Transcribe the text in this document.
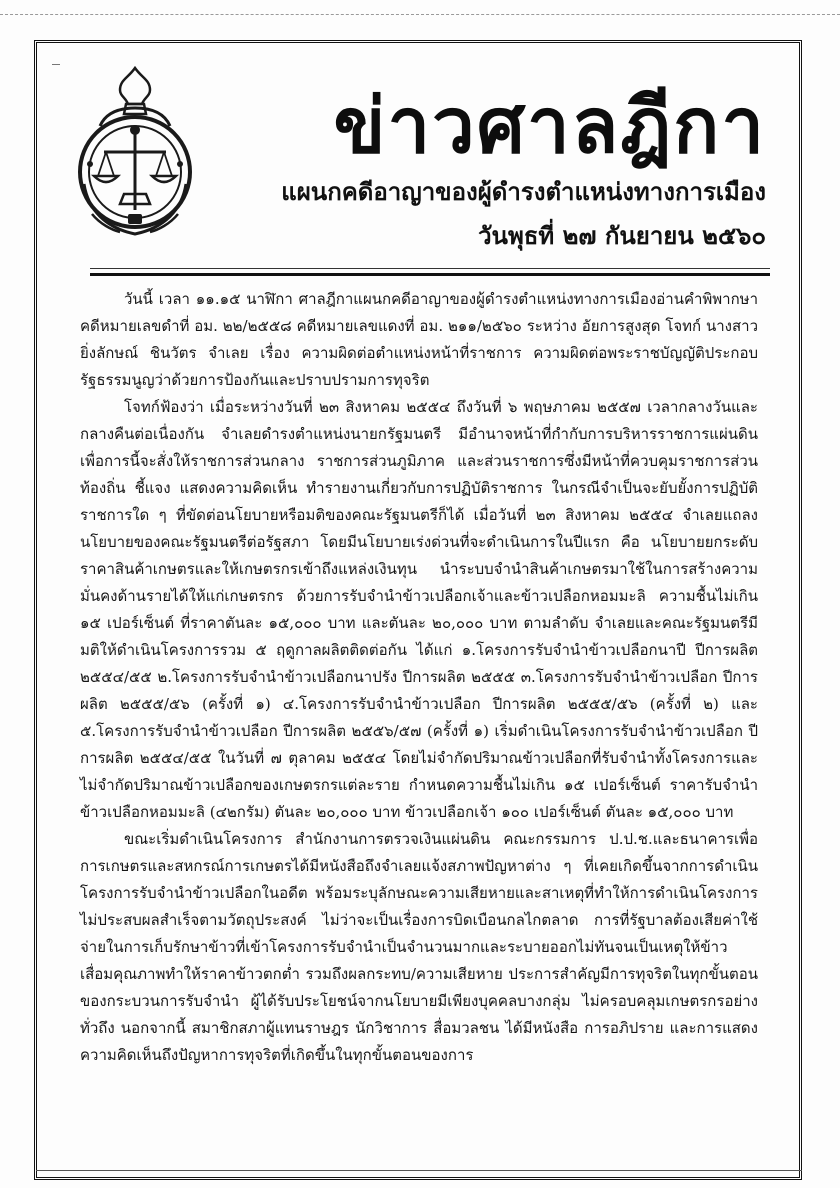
ข่าวศาลฎีกา

แผนกคดีอาญาของผู้ดำรงตำแหน่งทางการเมือง

วันพุธที่ ๒๗ กันยายน ๒๕๖๐

วันนี้ เวลา ๑๑.๑๕ นาฬิกา ศาลฎีกาแผนกคดีอาญาของผู้ดำรงตำแหน่งทางการเมืองอ่านคำพิพากษา คดีหมายเลขดำที่ อม. ๒๒/๒๕๕๘ คดีหมายเลขแดงที่ อม. ๒๑๑/๒๕๖๐ ระหว่าง อัยการสูงสุด โจทก์ นางสาวยิ่งลักษณ์ ชินวัตร จำเลย เรื่อง ความผิดต่อตำแหน่งหน้าที่ราชการ ความผิดต่อพระราชบัญญัติประกอบรัฐธรรมนูญว่าด้วยการป้องกันและปราบปรามการทุจริต

โจทก์ฟ้องว่า เมื่อระหว่างวันที่ ๒๓ สิงหาคม ๒๕๕๔ ถึงวันที่ ๖ พฤษภาคม ๒๕๕๗ เวลากลางวันและกลางคืนต่อเนื่องกัน จำเลยดำรงตำแหน่งนายกรัฐมนตรี มีอำนาจหน้าที่กำกับการบริหารราชการแผ่นดิน เพื่อการนี้จะสั่งให้ราชการส่วนกลาง ราชการส่วนภูมิภาค และส่วนราชการซึ่งมีหน้าที่ควบคุมราชการส่วนท้องถิ่น ชี้แจง แสดงความคิดเห็น ทำรายงานเกี่ยวกับการปฏิบัติราชการ ในกรณีจำเป็นจะยับยั้งการปฏิบัติราชการใด ๆ ที่ขัดต่อนโยบายหรือมติของคณะรัฐมนตรีก็ได้ เมื่อวันที่ ๒๓ สิงหาคม ๒๕๕๔ จำเลยแถลงนโยบายของคณะรัฐมนตรีต่อรัฐสภา โดยมีนโยบายเร่งด่วนที่จะดำเนินการในปีแรก คือ นโยบายยกระดับราคาสินค้าเกษตรและให้เกษตรกรเข้าถึงแหล่งเงินทุน นำระบบจำนำสินค้าเกษตรมาใช้ในการสร้างความมั่นคงด้านรายได้ให้แก่เกษตรกร ด้วยการรับจำนำข้าวเปลือกเจ้าและข้าวเปลือกหอมมะลิ ความชื้นไม่เกิน ๑๕ เปอร์เซ็นต์ ที่ราคาตันละ ๑๕,๐๐๐ บาท และตันละ ๒๐,๐๐๐ บาท ตามลำดับ จำเลยและคณะรัฐมนตรีมีมติให้ดำเนินโครงการรวม ๕ ฤดูกาลผลิตติดต่อกัน ได้แก่ ๑.โครงการรับจำนำข้าวเปลือกนาปี ปีการผลิต ๒๕๕๔/๕๕ ๒.โครงการรับจำนำข้าวเปลือกนาปรัง ปีการผลิต ๒๕๕๕ ๓.โครงการรับจำนำข้าวเปลือก ปีการผลิต ๒๕๕๕/๕๖ (ครั้งที่ ๑) ๔.โครงการรับจำนำข้าวเปลือก ปีการผลิต ๒๕๕๕/๕๖ (ครั้งที่ ๒) และ ๕.โครงการรับจำนำข้าวเปลือก ปีการผลิต ๒๕๕๖/๕๗ (ครั้งที่ ๑) เริ่มดำเนินโครงการรับจำนำข้าวเปลือก ปีการผลิต ๒๕๕๔/๕๕ ในวันที่ ๗ ตุลาคม ๒๕๕๔ โดยไม่จำกัดปริมาณข้าวเปลือกที่รับจำนำทั้งโครงการและไม่จำกัดปริมาณข้าวเปลือกของเกษตรกรแต่ละราย กำหนดความชื้นไม่เกิน ๑๕ เปอร์เซ็นต์ ราคารับจำนำข้าวเปลือกหอมมะลิ (๔๒กรัม) ตันละ ๒๐,๐๐๐ บาท ข้าวเปลือกเจ้า ๑๐๐ เปอร์เซ็นต์ ตันละ ๑๕,๐๐๐ บาท

ขณะเริ่มดำเนินโครงการ สำนักงานการตรวจเงินแผ่นดิน คณะกรรมการ ป.ป.ช.และธนาคารเพื่อการเกษตรและสหกรณ์การเกษตรได้มีหนังสือถึงจำเลยแจ้งสภาพปัญหาต่าง ๆ ที่เคยเกิดขึ้นจากการดำเนินโครงการรับจำนำข้าวเปลือกในอดีต พร้อมระบุลักษณะความเสียหายและสาเหตุที่ทำให้การดำเนินโครงการไม่ประสบผลสำเร็จตามวัตถุประสงค์ ไม่ว่าจะเป็นเรื่องการบิดเบือนกลไกตลาด การที่รัฐบาลต้องเสียค่าใช้จ่ายในการเก็บรักษาข้าวที่เข้าโครงการรับจำนำเป็นจำนวนมากและระบายออกไม่ทันจนเป็นเหตุให้ข้าวเสื่อมคุณภาพทำให้ราคาข้าวตกต่ำ รวมถึงผลกระทบ/ความเสียหาย ประการสำคัญมีการทุจริตในทุกขั้นตอนของกระบวนการรับจำนำ ผู้ได้รับประโยชน์จากนโยบายมีเพียงบุคคลบางกลุ่ม ไม่ครอบคลุมเกษตรกรอย่างทั่วถึง นอกจากนี้ สมาชิกสภาผู้แทนราษฎร นักวิชาการ สื่อมวลชน ได้มีหนังสือ การอภิปราย และการแสดงความคิดเห็นถึงปัญหาการทุจริตที่เกิดขึ้นในทุกขั้นตอนของการ
